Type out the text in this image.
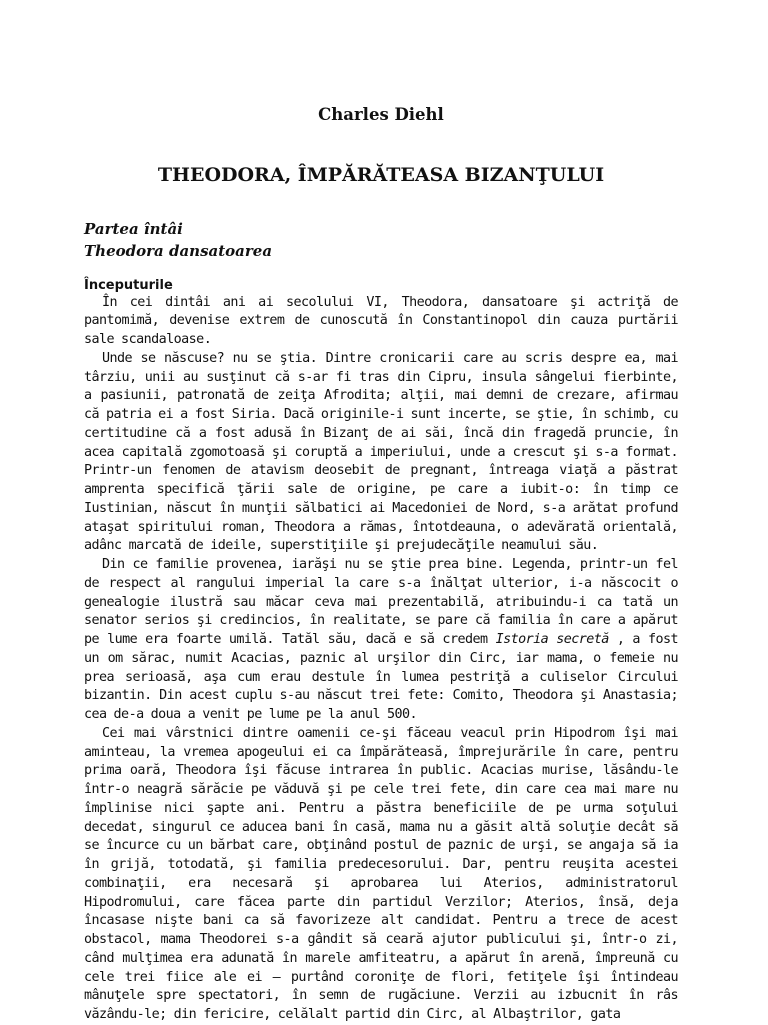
Charles Diehl
THEODORA, ÎMPĂRĂTEASA BIZANŢULUI
Partea întâi
Theodora dansatoarea
Începuturile

În cei dintâi ani ai secolului VI, Theodora, dansatoare şi actriţă de pantomimă, devenise extrem de cunoscută în Constantinopol din cauza purtării sale scandaloase.

Unde se născuse? nu se ştia. Dintre cronicarii care au scris despre ea, mai târziu, unii au susţinut că s-ar fi tras din Cipru, insula sângelui fierbinte, a pasiunii, patronată de zeiţa Afrodita; alţii, mai demni de crezare, afirmau că patria ei a fost Siria. Dacă originile-i sunt incerte, se ştie, în schimb, cu certitudine că a fost adusă în Bizanţ de ai săi, încă din fragedă pruncie, în acea capitală zgomotoasă şi coruptă a imperiului, unde a crescut şi s-a format. Printr-un fenomen de atavism deosebit de pregnant, întreaga viaţă a păstrat amprenta specifică ţării sale de origine, pe care a iubit-o: în timp ce Iustinian, născut în munţii sălbatici ai Macedoniei de Nord, s-a arătat profund ataşat spiritului roman, Theodora a rămas, întotdeauna, o adevărată orientală, adânc marcată de ideile, superstiţiile şi prejudecăţile neamului său.

Din ce familie provenea, iarăşi nu se ştie prea bine. Legenda, printr-un fel de respect al rangului imperial la care s-a înălţat ulterior, i-a născocit o genealogie ilustră sau măcar ceva mai prezentabilă, atribuindu-i ca tată un senator serios şi credincios, în realitate, se pare că familia în care a apărut pe lume era foarte umilă. Tatăl său, dacă e să credem Istoria secretă , a fost un om sărac, numit Acacias, paznic al urşilor din Circ, iar mama, o femeie nu prea serioasă, aşa cum erau destule în lumea pestriţă a culiselor Circului bizantin. Din acest cuplu s-au născut trei fete: Comito, Theodora şi Anastasia; cea de-a doua a venit pe lume pe la anul 500.

Cei mai vârstnici dintre oamenii ce-şi făceau veacul prin Hipodrom îşi mai aminteau, la vremea apogeului ei ca împărăteasă, împrejurările în care, pentru prima oară, Theodora îşi făcuse intrarea în public. Acacias murise, lăsându-le într-o neagră sărăcie pe văduvă şi pe cele trei fete, din care cea mai mare nu împlinise nici şapte ani. Pentru a păstra beneficiile de pe urma soţului decedat, singurul ce aducea bani în casă, mama nu a găsit altă soluţie decât să se încurce cu un bărbat care, obţinând postul de paznic de urşi, se angaja să ia în grijă, totodată, şi familia predecesorului. Dar, pentru reuşita acestei combinaţii, era necesară şi aprobarea lui Aterios, administratorul Hipodromului, care făcea parte din partidul Verzilor; Aterios, însă, deja încasase nişte bani ca să favorizeze alt candidat. Pentru a trece de acest obstacol, mama Theodorei s-a gândit să ceară ajutor publicului şi, într-o zi, când mulţimea era adunată în marele amfiteatru, a apărut în arenă, împreună cu cele trei fiice ale ei — purtând coroniţe de flori, fetiţele îşi întindeau mânuţele spre spectatori, în semn de rugăciune. Verzii au izbucnit în râs văzându-le; din fericire, celălalt partid din Circ, al Albaştrilor, gata
